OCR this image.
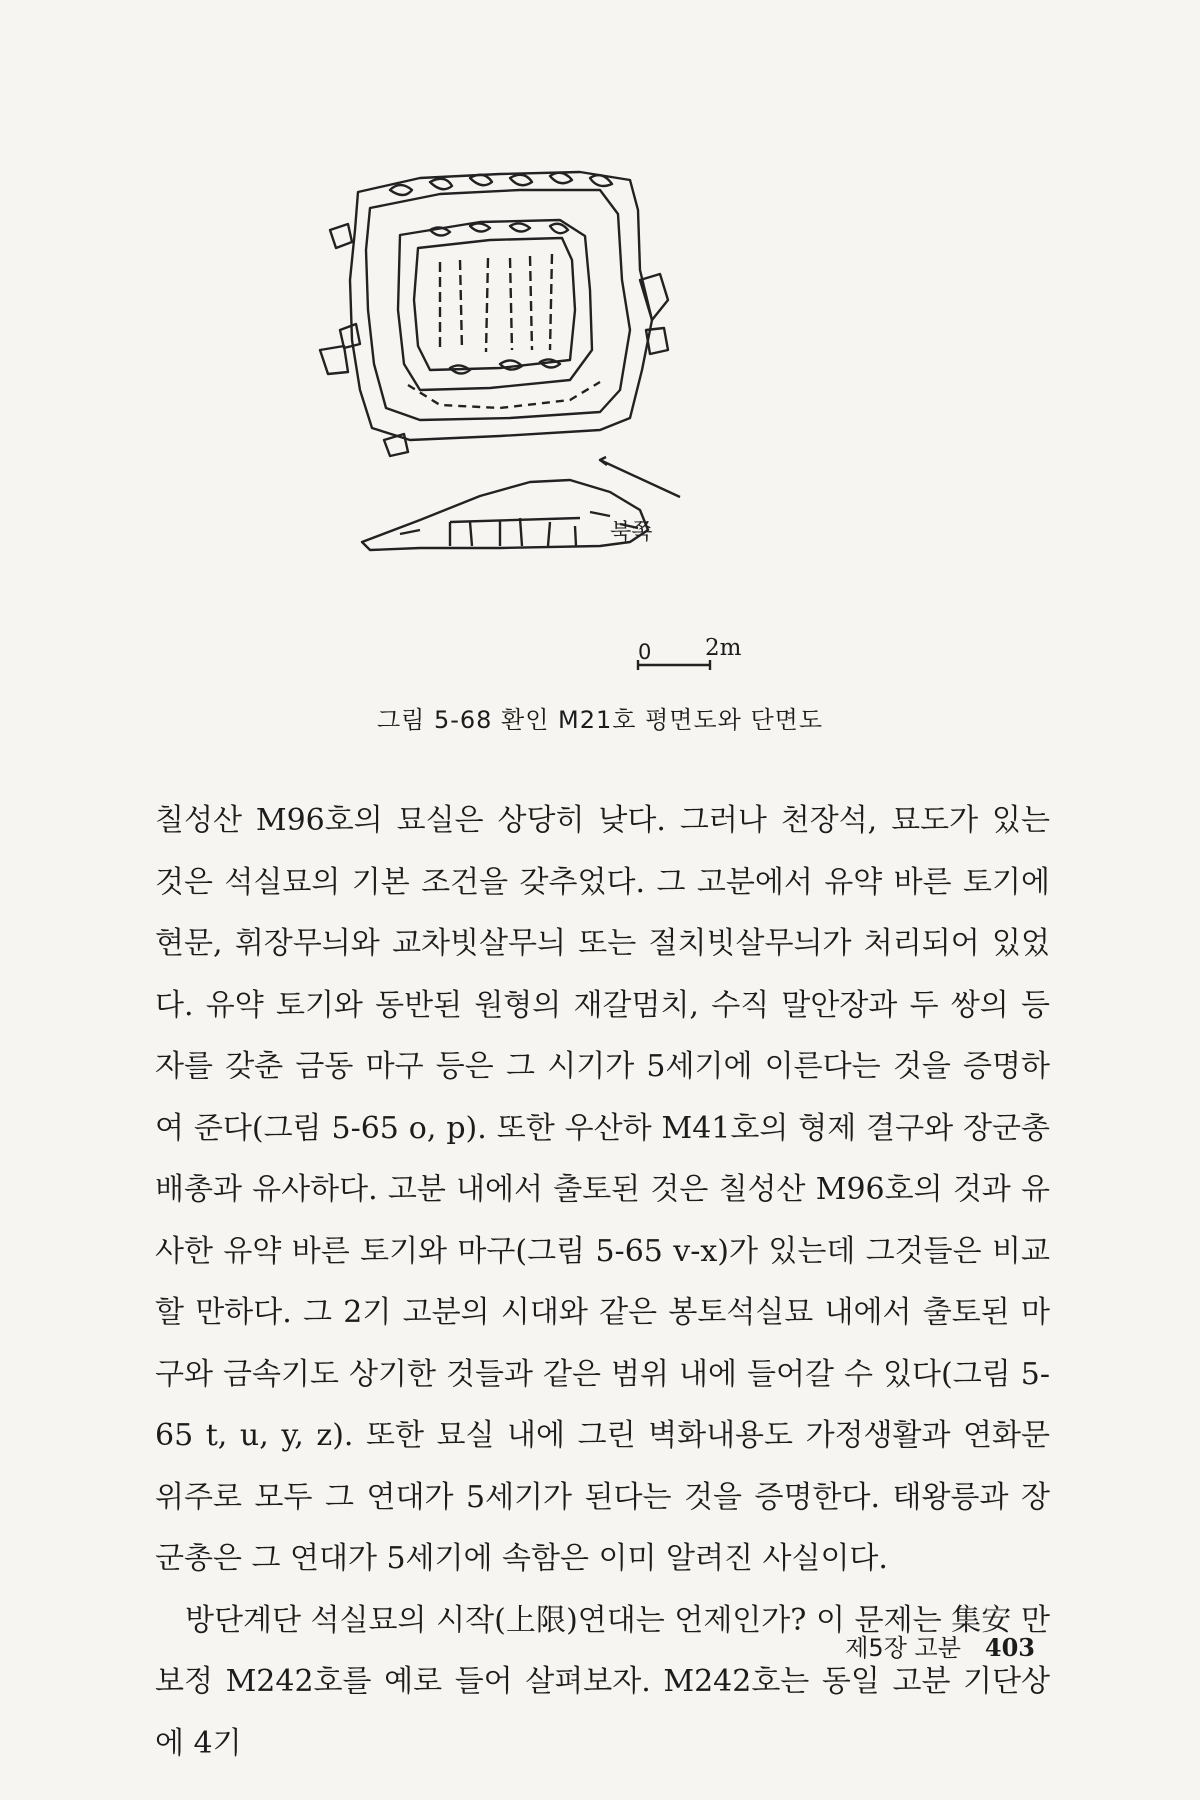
북쪽
0 2m
그림 5-68 환인 M21호 평면도와 단면도

칠성산 M96호의 묘실은 상당히 낮다. 그러나 천장석, 묘도가 있는 것은 석실묘의 기본 조건을 갖추었다. 그 고분에서 유약 바른 토기에 현문, 휘장무늬와 교차빗살무늬 또는 절치빗살무늬가 처리되어 있었다. 유약 토기와 동반된 원형의 재갈멈치, 수직 말안장과 두 쌍의 등자를 갖춘 금동 마구 등은 그 시기가 5세기에 이른다는 것을 증명하여 준다(그림 5-65 o, p). 또한 우산하 M41호의 형제 결구와 장군총 배총과 유사하다. 고분 내에서 출토된 것은 칠성산 M96호의 것과 유사한 유약 바른 토기와 마구(그림 5-65 v-x)가 있는데 그것들은 비교할 만하다. 그 2기 고분의 시대와 같은 봉토석실묘 내에서 출토된 마구와 금속기도 상기한 것들과 같은 범위 내에 들어갈 수 있다(그림 5-65 t, u, y, z). 또한 묘실 내에 그린 벽화내용도 가정생활과 연화문 위주로 모두 그 연대가 5세기가 된다는 것을 증명한다. 태왕릉과 장군총은 그 연대가 5세기에 속함은 이미 알려진 사실이다.

방단계단 석실묘의 시작(上限)연대는 언제인가? 이 문제는 集安 만보정 M242호를 예로 들어 살펴보자. M242호는 동일 고분 기단상에 4기

제5장 고분 403
